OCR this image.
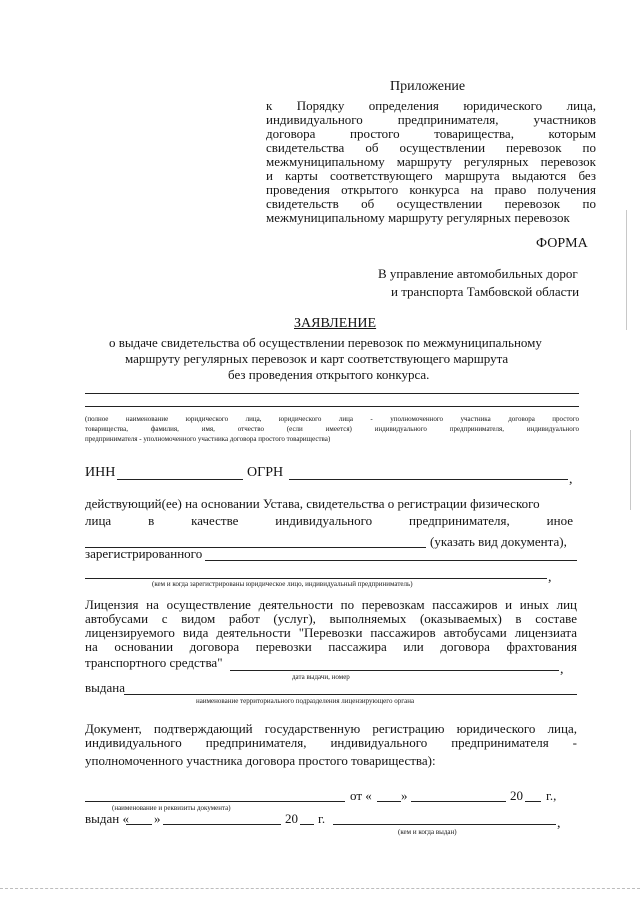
Приложение
к Порядку определения юридического лица,
индивидуального предпринимателя, участников
договора простого товарищества, которым
свидетельства об осуществлении перевозок по
межмуниципальному маршруту регулярных перевозок
и карты соответствующего маршрута выдаются без
проведения открытого конкурса на право получения
свидетельств об осуществлении перевозок по
межмуниципальному маршруту регулярных перевозок
ФОРМА
В управление автомобильных дорог
и транспорта Тамбовской области
ЗАЯВЛЕНИЕ
о выдаче свидетельства об осуществлении перевозок по межмуниципальному
маршруту регулярных перевозок и карт соответствующего маршрута
без проведения открытого конкурса.
(полное наименование юридического лица, юридического лица - уполномоченного участника договора простого
товарищества, фамилия, имя, отчество (если имеется) индивидуального предпринимателя, индивидуального
предпринимателя - уполномоченного участника договора простого товарищества)
ИНН	ОГРН	,
действующий(ее) на основании Устава, свидетельства о регистрации физического
лица в качестве индивидуального предпринимателя, иное
(указать вид документа),
зарегистрированного
,
(кем и когда зарегистрированы юридическое лицо, индивидуальный предприниматель)
Лицензия на осуществление деятельности по перевозкам пассажиров и иных лиц
автобусами с видом работ (услуг), выполняемых (оказываемых) в составе
лицензируемого вида деятельности "Перевозки пассажиров автобусами лицензиата
на основании договора перевозки пассажира или договора фрахтования
транспортного средства"	,
дата выдачи, номер
выдана
наименование территориального подразделения лицензирующего органа
Документ, подтверждающий государственную регистрацию юридического лица,
индивидуального предпринимателя, индивидуального предпринимателя -
уполномоченного участника договора простого товарищества):
от « »	20 г.,
(наименование и реквизиты документа)
выдан « »	20 г.	,
(кем и когда выдан)
